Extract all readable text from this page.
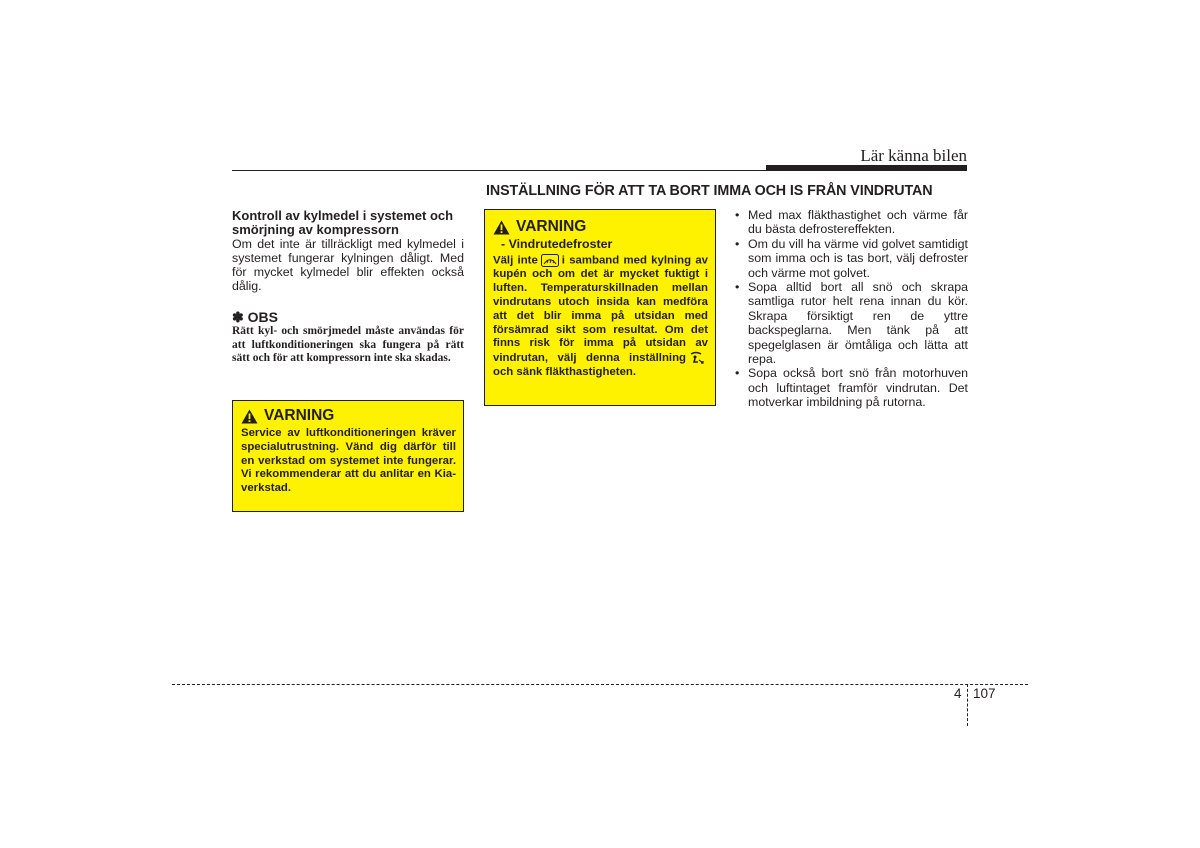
Lär känna bilen
INSTÄLLNING FÖR ATT TA BORT IMMA OCH IS FRÅN VINDRUTAN

Kontroll av kylmedel i systemet och smörjning av kompressorn

Om det inte är tillräckligt med kylmedel i systemet fungerar kylningen dåligt. Med för mycket kylmedel blir effekten också dålig.

✽ OBS

Rätt kyl- och smörjmedel måste användas för att luftkonditioneringen ska fungera på rätt sätt och för att kompressorn inte ska skadas.

VARNING

Service av luftkonditioneringen kräver specialutrustning. Vänd dig därför till en verkstad om systemet inte fungerar. Vi rekommenderar att du anlitar en Kia-verkstad.

VARNING
- Vindrutedefroster

Välj inte i samband med kylning av kupén och om det är mycket fuktigt i luften. Temperaturskillnaden mellan vindrutans utoch insida kan medföra att det blir imma på utsidan med försämrad sikt som resultat. Om det finns risk för imma på utsidan av vindrutan, välj denna inställningoch sänk fläkthastigheten.

• Med max fläkthastighet och värme får du bästa defrostereffekten.
• Om du vill ha värme vid golvet samtidigt som imma och is tas bort, välj defroster och värme mot golvet.
• Sopa alltid bort all snö och skrapa samtliga rutor helt rena innan du kör. Skrapa försiktigt ren de yttre backspeglarna. Men tänk på att spegelglasen är ömtåliga och lätta att repa.
• Sopa också bort snö från motorhuven och luftintaget framför vindrutan. Det motverkar imbildning på rutorna.
4 107
